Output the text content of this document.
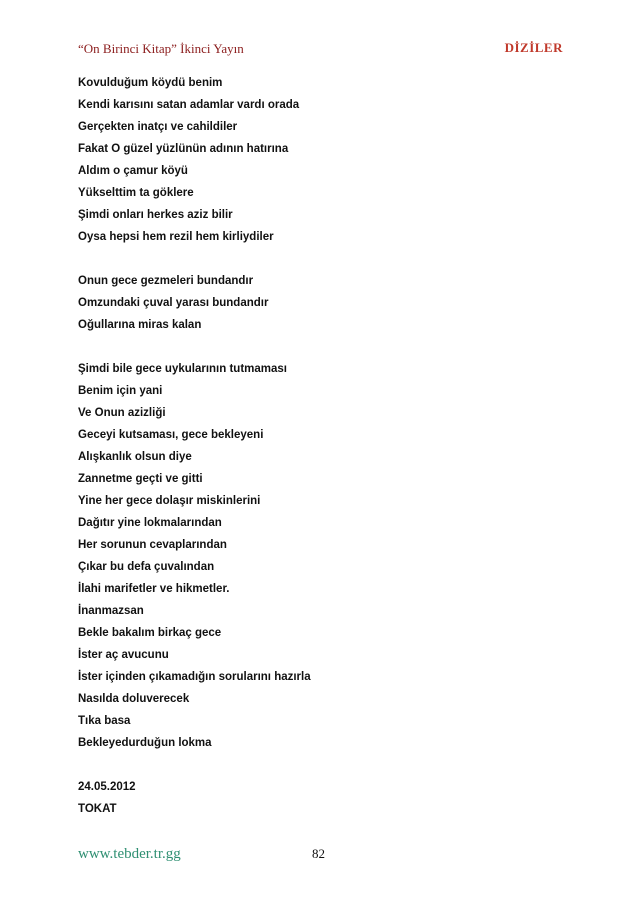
“On Birinci Kitap” İkinci Yayın	DİZİLER
Kovulduğum köydü benim
Kendi karısını satan adamlar vardı orada
Gerçekten inatçı ve cahildiler
Fakat O güzel yüzlünün adının hatırına
Aldım o çamur köyü
Yükselttim ta göklere
Şimdi onları herkes aziz bilir
Oysa hepsi hem rezil hem kirliydiler
Onun gece gezmeleri bundandır
Omzundaki çuval yarası bundandır
Oğullarına miras kalan
Şimdi bile gece uykularının tutmaması
Benim için yani
Ve Onun azizliği
Geceyi kutsaması, gece bekleyeni
Alışkanlık olsun diye
Zannetme geçti ve gitti
Yine her gece dolaşır miskinlerini
Dağıtır yine lokmalarından
Her sorunun cevaplarından
Çıkar bu defa çuvalından
İlahi marifetler ve hikmetler.
İnanmazsan
Bekle bakalım birkaç gece
İster aç avucunu
İster içinden çıkamadığın sorularını hazırla
Nasılda doluverecek
Tıka basa
Bekleyedurduğun lokma
24.05.2012
TOKAT
www.tebder.tr.gg	82
